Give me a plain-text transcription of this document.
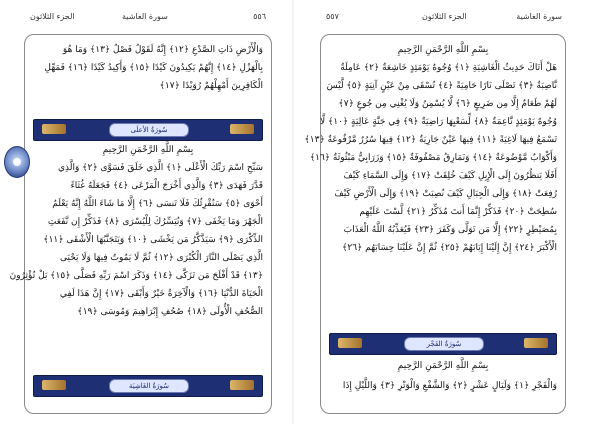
الجزء الثلاثون	سورة الغاشية	٥٥٦
وَالْأَرْضِ ذَاتِ الصَّدْعِ ﴿١٢﴾ إِنَّهُ لَقَوْلٌ فَصْلٌ ﴿١٣﴾ وَمَا هُوَ
بِالْهَزْلِ ﴿١٤﴾ إِنَّهُمْ يَكِيدُونَ كَيْدًا ﴿١٥﴾ وَأَكِيدُ كَيْدًا ﴿١٦﴾ فَمَهِّلِ
الْكَافِرِينَ أَمْهِلْهُمْ رُوَيْدًا ﴿١٧﴾
سُورَةُ الأعلَى
بِسْمِ اللَّهِ الرَّحْمَنِ الرَّحِيمِ
سَبِّحِ اسْمَ رَبِّكَ الْأَعْلَى ﴿١﴾ الَّذِي خَلَقَ فَسَوَّى ﴿٢﴾ وَالَّذِي
قَدَّرَ فَهَدَى ﴿٣﴾ وَالَّذِي أَخْرَجَ الْمَرْعَى ﴿٤﴾ فَجَعَلَهُ غُثَاءً
أَحْوَى ﴿٥﴾ سَنُقْرِئُكَ فَلَا تَنسَى ﴿٦﴾ إِلَّا مَا شَاءَ اللَّهُ إِنَّهُ يَعْلَمُ
الْجَهْرَ وَمَا يَخْفَى ﴿٧﴾ وَنُيَسِّرُكَ لِلْيُسْرَى ﴿٨﴾ فَذَكِّرْ إِن نَّفَعَتِ
الذِّكْرَى ﴿٩﴾ سَيَذَّكَّرُ مَن يَخْشَى ﴿١٠﴾ وَيَتَجَنَّبُهَا الْأَشْقَى ﴿١١﴾
الَّذِي يَصْلَى النَّارَ الْكُبْرَى ﴿١٢﴾ ثُمَّ لَا يَمُوتُ فِيهَا وَلَا يَحْيَى
﴿١٣﴾ قَدْ أَفْلَحَ مَن تَزَكَّى ﴿١٤﴾ وَذَكَرَ اسْمَ رَبِّهِ فَصَلَّى ﴿١٥﴾ بَلْ تُؤْثِرُونَ
الْحَيَاةَ الدُّنْيَا ﴿١٦﴾ وَالْآخِرَةُ خَيْرٌ وَأَبْقَى ﴿١٧﴾ إِنَّ هَذَا لَفِي
الصُّحُفِ الْأُولَى ﴿١٨﴾ صُحُفِ إِبْرَاهِيمَ وَمُوسَى ﴿١٩﴾
سُورَةُ الغَاشِيَة
٥٥٧	الجزء الثلاثون	سورة الغاشية
بِسْمِ اللَّهِ الرَّحْمَنِ الرَّحِيمِ
هَلْ أَتَاكَ حَدِيثُ الْغَاشِيَةِ ﴿١﴾ وُجُوهٌ يَوْمَئِذٍ خَاشِعَةٌ ﴿٢﴾ عَامِلَةٌ
نَّاصِبَةٌ ﴿٣﴾ تَصْلَى نَارًا حَامِيَةً ﴿٤﴾ تُسْقَى مِنْ عَيْنٍ آنِيَةٍ ﴿٥﴾ لَّيْسَ
لَهُمْ طَعَامٌ إِلَّا مِن ضَرِيعٍ ﴿٦﴾ لَّا يُسْمِنُ وَلَا يُغْنِي مِن جُوعٍ ﴿٧﴾
وُجُوهٌ يَوْمَئِذٍ نَّاعِمَةٌ ﴿٨﴾ لِّسَعْيِهَا رَاضِيَةٌ ﴿٩﴾ فِي جَنَّةٍ عَالِيَةٍ ﴿١٠﴾ لَّا
تَسْمَعُ فِيهَا لَاغِيَةً ﴿١١﴾ فِيهَا عَيْنٌ جَارِيَةٌ ﴿١٢﴾ فِيهَا سُرُرٌ مَّرْفُوعَةٌ ﴿١٣﴾
وَأَكْوَابٌ مَّوْضُوعَةٌ ﴿١٤﴾ وَنَمَارِقُ مَصْفُوفَةٌ ﴿١٥﴾ وَزَرَابِيُّ مَبْثُوثَةٌ ﴿١٦﴾
أَفَلَا يَنظُرُونَ إِلَى الْإِبِلِ كَيْفَ خُلِقَتْ ﴿١٧﴾ وَإِلَى السَّمَاءِ كَيْفَ
رُفِعَتْ ﴿١٨﴾ وَإِلَى الْجِبَالِ كَيْفَ نُصِبَتْ ﴿١٩﴾ وَإِلَى الْأَرْضِ كَيْفَ
سُطِحَتْ ﴿٢٠﴾ فَذَكِّرْ إِنَّمَا أَنتَ مُذَكِّرٌ ﴿٢١﴾ لَّسْتَ عَلَيْهِم
بِمُصَيْطِرٍ ﴿٢٢﴾ إِلَّا مَن تَوَلَّى وَكَفَرَ ﴿٢٣﴾ فَيُعَذِّبُهُ اللَّهُ الْعَذَابَ
الْأَكْبَرَ ﴿٢٤﴾ إِنَّ إِلَيْنَا إِيَابَهُمْ ﴿٢٥﴾ ثُمَّ إِنَّ عَلَيْنَا حِسَابَهُم ﴿٢٦﴾
سُورَةُ الفَجْر
بِسْمِ اللَّهِ الرَّحْمَنِ الرَّحِيمِ
وَالْفَجْرِ ﴿١﴾ وَلَيَالٍ عَشْرٍ ﴿٢﴾ وَالشَّفْعِ وَالْوَتْرِ ﴿٣﴾ وَاللَّيْلِ إِذَا
